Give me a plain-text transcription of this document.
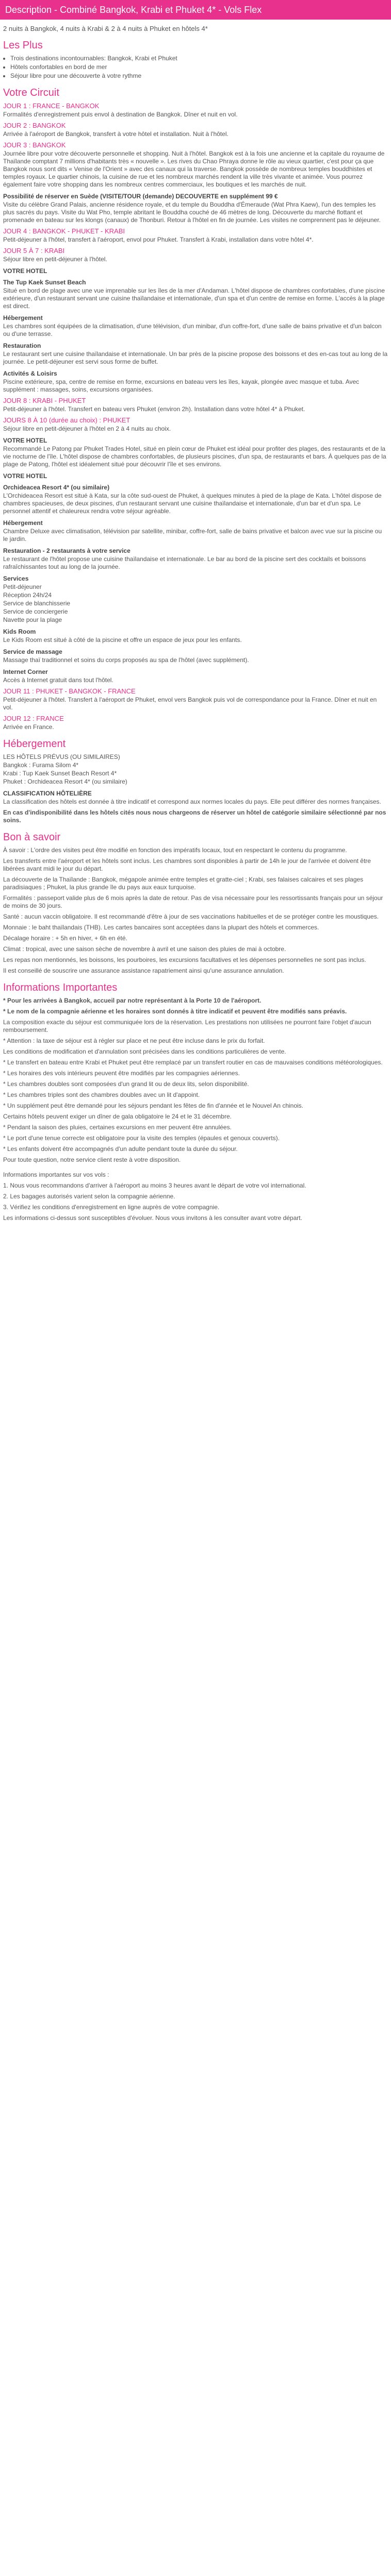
Description - Combiné Bangkok, Krabi et Phuket 4* - Vols Flex
2 nuits à Bangkok, 4 nuits à Krabi & 2 à 4 nuits à Phuket en hôtels 4*
Les Plus
• Trois destinations incontournables: Bangkok, Krabi et Phuket
• Hôtels confortables en bord de mer
• Séjour libre pour une découverte à votre rythme
Votre Circuit
JOUR 1 : FRANCE - BANGKOK
Formalités d'enregistrement puis envol à destination de Bangkok. Dîner et nuit en vol.
JOUR 2 : BANGKOK
Arrivée à l'aéroport de Bangkok, transfert à votre hôtel et installation. Nuit à l'hôtel.
JOUR 3 : BANGKOK
Journée libre pour votre découverte personnelle et shopping. Nuit à l'hôtel. Bangkok est à la fois une ancienne et la capitale du royaume de Thaïlande comptant 7 millions d'habitants très « nouvelle ». Les rives du Chao Phraya donne le rôle au vieux quartier, c'est pour ça que Bangkok nous sont dits « Venise de l'Orient » avec des canaux qui la traverse. Bangkok possède de nombreux temples bouddhistes et temples royaux. Le quartier chinois, la cuisine de rue et les nombreux marchés rendent la ville très vivante et animée. Vous pourrez également faire votre shopping dans les nombreux centres commerciaux, les boutiques et les marchés de nuit.
Possibilité de réserver en Suède (VISITE/TOUR (demande) DECOUVERTE en supplément 99 €
Visite du célèbre Grand Palais, ancienne résidence royale, et du temple du Bouddha d'Émeraude (Wat Phra Kaew), l'un des temples les plus sacrés du pays. Visite du Wat Pho, temple abritant le Bouddha couché de 46 mètres de long. Découverte du marché flottant et promenade en bateau sur les klongs (canaux) de Thonburi. Retour à l'hôtel en fin de journée. Les visites ne comprennent pas le déjeuner.
JOUR 4 : BANGKOK - PHUKET - KRABI
Petit-déjeuner à l'hôtel, transfert à l'aéroport, envol pour Phuket. Transfert à Krabi, installation dans votre hôtel 4*.
JOUR 5 À 7 : KRABI
Séjour libre en petit-déjeuner à l'hôtel.
VOTRE HOTEL
The Tup Kaek Sunset Beach
Situé en bord de plage avec une vue imprenable sur les îles de la mer d'Andaman. L'hôtel dispose de chambres confortables, d'une piscine extérieure, d'un restaurant servant une cuisine thaïlandaise et internationale, d'un spa et d'un centre de remise en forme. L'accès à la plage est direct.
Hébergement
Les chambres sont équipées de la climatisation, d'une télévision, d'un minibar, d'un coffre-fort, d'une salle de bains privative et d'un balcon ou d'une terrasse.
Restauration
Le restaurant sert une cuisine thaïlandaise et internationale. Un bar près de la piscine propose des boissons et des en-cas tout au long de la journée. Le petit-déjeuner est servi sous forme de buffet.
Activités & Loisirs
Piscine extérieure, spa, centre de remise en forme, excursions en bateau vers les îles, kayak, plongée avec masque et tuba. Avec supplément : massages, soins, excursions organisées.
JOUR 8 : KRABI - PHUKET
Petit-déjeuner à l'hôtel. Transfert en bateau vers Phuket (environ 2h). Installation dans votre hôtel 4* à Phuket.
JOURS 8 À 10 (durée au choix) : PHUKET
Séjour libre en petit-déjeuner à l'hôtel en 2 à 4 nuits au choix.
VOTRE HOTEL
Recommandé Le Patong par Phuket Trades Hotel, situé en plein cœur de Phuket est idéal pour profiter des plages, des restaurants et de la vie nocturne de l'île. L'hôtel dispose de chambres confortables, de plusieurs piscines, d'un spa, de restaurants et bars. À quelques pas de la plage de Patong, l'hôtel est idéalement situé pour découvrir l'île et ses environs.
VOTRE HOTEL
Orchideacea Resort 4* (ou similaire)
L'Orchideacea Resort est situé à Kata, sur la côte sud-ouest de Phuket, à quelques minutes à pied de la plage de Kata. L'hôtel dispose de chambres spacieuses, de deux piscines, d'un restaurant servant une cuisine thaïlandaise et internationale, d'un bar et d'un spa. Le personnel attentif et chaleureux rendra votre séjour agréable.
Hébergement
Chambre Deluxe avec climatisation, télévision par satellite, minibar, coffre-fort, salle de bains privative et balcon avec vue sur la piscine ou le jardin.
Restauration - 2 restaurants à votre service
Le restaurant de l'hôtel propose une cuisine thaïlandaise et internationale. Le bar au bord de la piscine sert des cocktails et boissons rafraîchissantes tout au long de la journée.
Services
Petit-déjeuner
Réception 24h/24
Service de blanchisserie
Service de conciergerie
Navette pour la plage
Kids Room
Le Kids Room est situé à côté de la piscine et offre un espace de jeux pour les enfants.
Service de massage
Massage thaï traditionnel et soins du corps proposés au spa de l'hôtel (avec supplément).
Internet Corner
Accès à Internet gratuit dans tout l'hôtel.
JOUR 11 : PHUKET - BANGKOK - FRANCE
Petit-déjeuner à l'hôtel. Transfert à l'aéroport de Phuket, envol vers Bangkok puis vol de correspondance pour la France. Dîner et nuit en vol.
JOUR 12 : FRANCE
Arrivée en France.
Hébergement
LES HÔTELS PRÉVUS (OU SIMILAIRES)
Bangkok : Furama Silom 4*
Krabi : Tup Kaek Sunset Beach Resort 4*
Phuket : Orchideacea Resort 4* (ou similaire)
CLASSIFICATION HÔTELIÈRE
La classification des hôtels est donnée à titre indicatif et correspond aux normes locales du pays. Elle peut différer des normes françaises.
En cas d'indisponibilité dans les hôtels cités nous nous chargeons de réserver un hôtel de catégorie similaire sélectionné par nos soins.
Bon à savoir
À savoir : L'ordre des visites peut être modifié en fonction des impératifs locaux, tout en respectant le contenu du programme.
Les transferts entre l'aéroport et les hôtels sont inclus. Les chambres sont disponibles à partir de 14h le jour de l'arrivée et doivent être libérées avant midi le jour du départ.
La découverte de la Thaïlande : Bangkok, mégapole animée entre temples et gratte-ciel ; Krabi, ses falaises calcaires et ses plages paradisiaques ; Phuket, la plus grande île du pays aux eaux turquoise.
Formalités : passeport valide plus de 6 mois après la date de retour. Pas de visa nécessaire pour les ressortissants français pour un séjour de moins de 30 jours.
Santé : aucun vaccin obligatoire. Il est recommandé d'être à jour de ses vaccinations habituelles et de se protéger contre les moustiques.
Monnaie : le baht thaïlandais (THB). Les cartes bancaires sont acceptées dans la plupart des hôtels et commerces.
Décalage horaire : + 5h en hiver, + 6h en été.
Climat : tropical, avec une saison sèche de novembre à avril et une saison des pluies de mai à octobre.
Les repas non mentionnés, les boissons, les pourboires, les excursions facultatives et les dépenses personnelles ne sont pas inclus.
Il est conseillé de souscrire une assurance assistance rapatriement ainsi qu'une assurance annulation.
Informations Importantes
* Pour les arrivées à Bangkok, accueil par notre représentant à la Porte 10 de l'aéroport.
* Le nom de la compagnie aérienne et les horaires sont donnés à titre indicatif et peuvent être modifiés sans préavis.
La composition exacte du séjour est communiquée lors de la réservation. Les prestations non utilisées ne pourront faire l'objet d'aucun remboursement.
* Attention : la taxe de séjour est à régler sur place et ne peut être incluse dans le prix du forfait.
Les conditions de modification et d'annulation sont précisées dans les conditions particulières de vente.
* Le transfert en bateau entre Krabi et Phuket peut être remplacé par un transfert routier en cas de mauvaises conditions météorologiques.
* Les horaires des vols intérieurs peuvent être modifiés par les compagnies aériennes.
* Les chambres doubles sont composées d'un grand lit ou de deux lits, selon disponibilité.
* Les chambres triples sont des chambres doubles avec un lit d'appoint.
* Un supplément peut être demandé pour les séjours pendant les fêtes de fin d'année et le Nouvel An chinois.
Certains hôtels peuvent exiger un dîner de gala obligatoire le 24 et le 31 décembre.
* Pendant la saison des pluies, certaines excursions en mer peuvent être annulées.
* Le port d'une tenue correcte est obligatoire pour la visite des temples (épaules et genoux couverts).
* Les enfants doivent être accompagnés d'un adulte pendant toute la durée du séjour.
Pour toute question, notre service client reste à votre disposition.
Informations importantes sur vos vols :
1. Nous vous recommandons d'arriver à l'aéroport au moins 3 heures avant le départ de votre vol international.
2. Les bagages autorisés varient selon la compagnie aérienne.
3. Vérifiez les conditions d'enregistrement en ligne auprès de votre compagnie.
Les informations ci-dessus sont susceptibles d'évoluer. Nous vous invitons à les consulter avant votre départ.
